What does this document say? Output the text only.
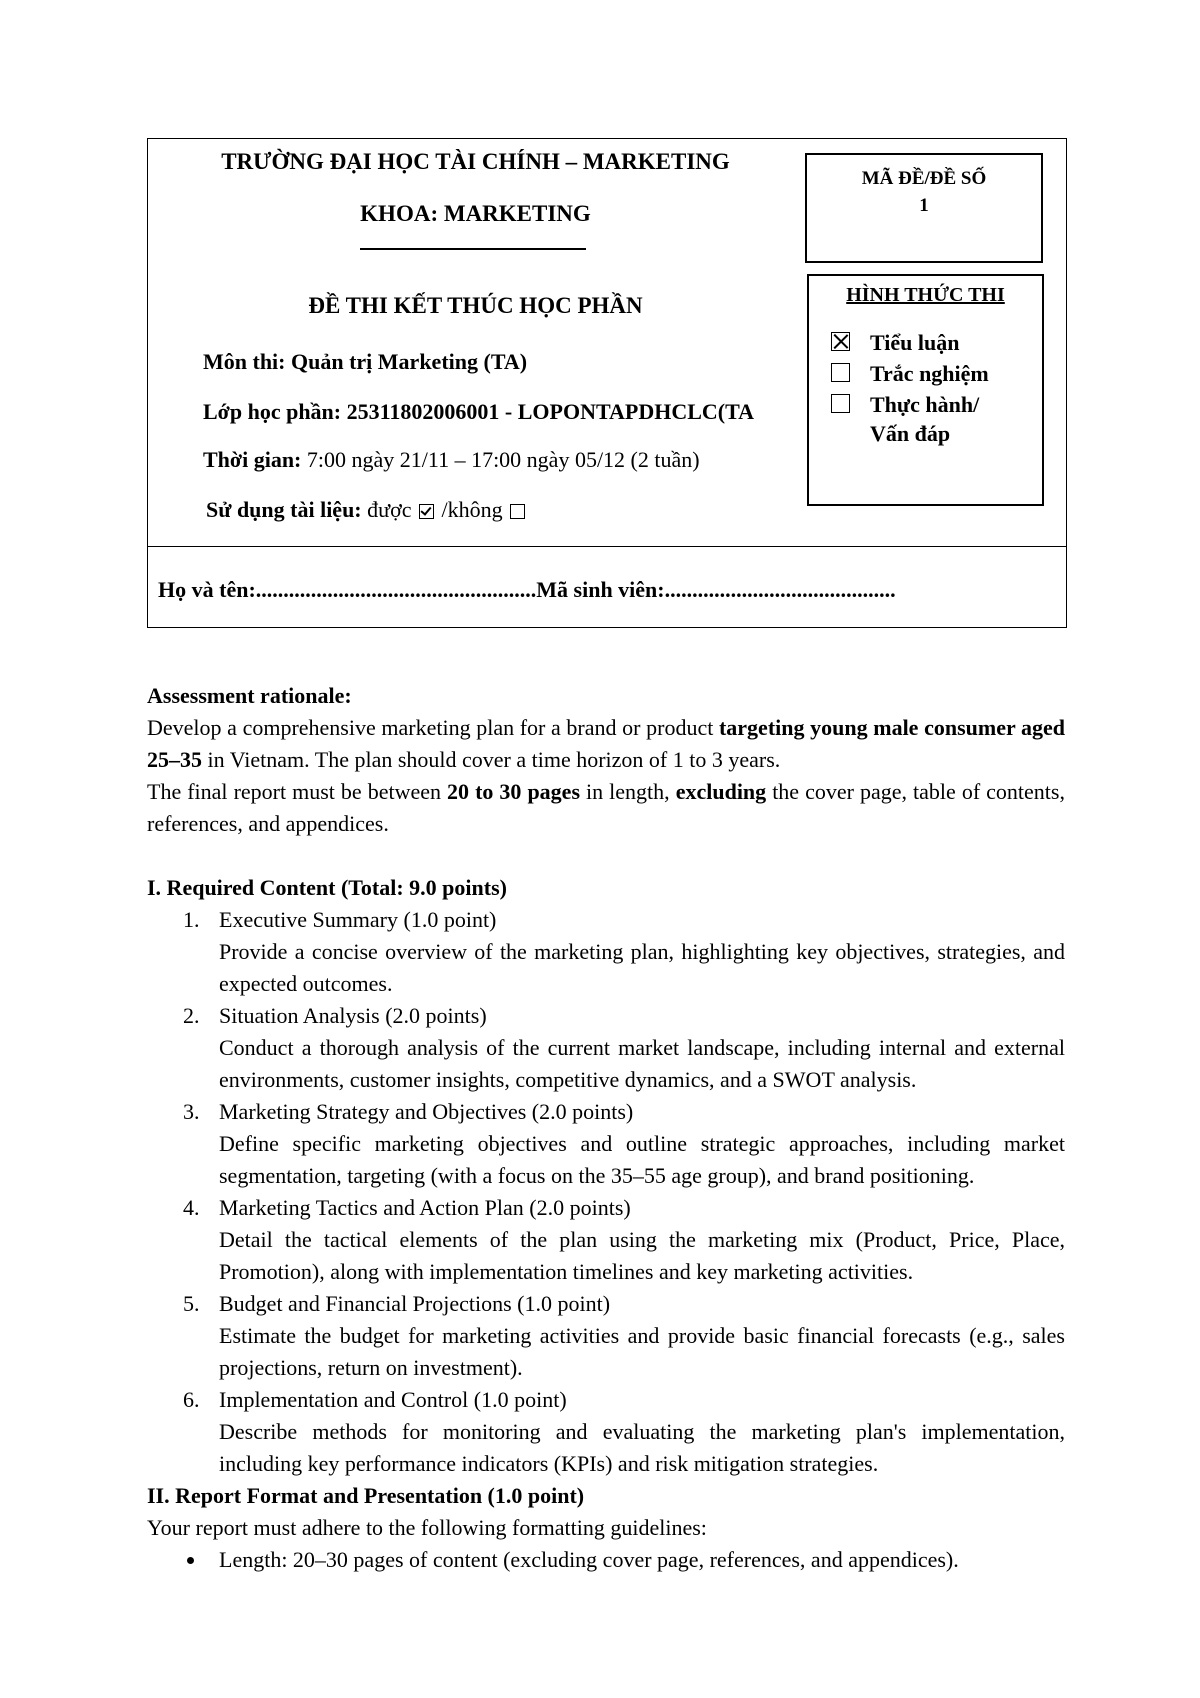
TRƯỜNG ĐẠI HỌC TÀI CHÍNH – MARKETING
KHOA: MARKETING
ĐỀ THI KẾT THÚC HỌC PHẦN
Môn thi: Quản trị Marketing (TA)
Lớp học phần: 25311802006001 - LOPONTAPDHCLC(TA
Thời gian: 7:00 ngày 21/11 – 17:00 ngày 05/12 (2 tuần)
Sử dụng tài liệu: được  /không
MÃ ĐỀ/ĐỀ SỐ
1
HÌNH THỨC THI
Tiểu luận
Trắc nghiệm
Thực hành/
Vấn đáp
Họ và tên:...................................................Mã sinh viên:..........................................

Assessment rationale:

Develop a comprehensive marketing plan for a brand or product targeting young male consumer aged 25–35 in Vietnam. The plan should cover a time horizon of 1 to 3 years.

The final report must be between 20 to 30 pages in length, excluding the cover page, table of contents, references, and appendices.

I. Required Content (Total: 9.0 points)

1. Executive Summary (1.0 point)
Provide a concise overview of the marketing plan, highlighting key objectives, strategies, and expected outcomes.
2. Situation Analysis (2.0 points)
Conduct a thorough analysis of the current market landscape, including internal and external environments, customer insights, competitive dynamics, and a SWOT analysis.
3. Marketing Strategy and Objectives (2.0 points)
Define specific marketing objectives and outline strategic approaches, including market segmentation, targeting (with a focus on the 35–55 age group), and brand positioning.
4. Marketing Tactics and Action Plan (2.0 points)
Detail the tactical elements of the plan using the marketing mix (Product, Price, Place, Promotion), along with implementation timelines and key marketing activities.
5. Budget and Financial Projections (1.0 point)
Estimate the budget for marketing activities and provide basic financial forecasts (e.g., sales projections, return on investment).
6. Implementation and Control (1.0 point)
Describe methods for monitoring and evaluating the marketing plan's implementation, including key performance indicators (KPIs) and risk mitigation strategies.

II. Report Format and Presentation (1.0 point)

Your report must adhere to the following formatting guidelines:

Length: 20–30 pages of content (excluding cover page, references, and appendices).
